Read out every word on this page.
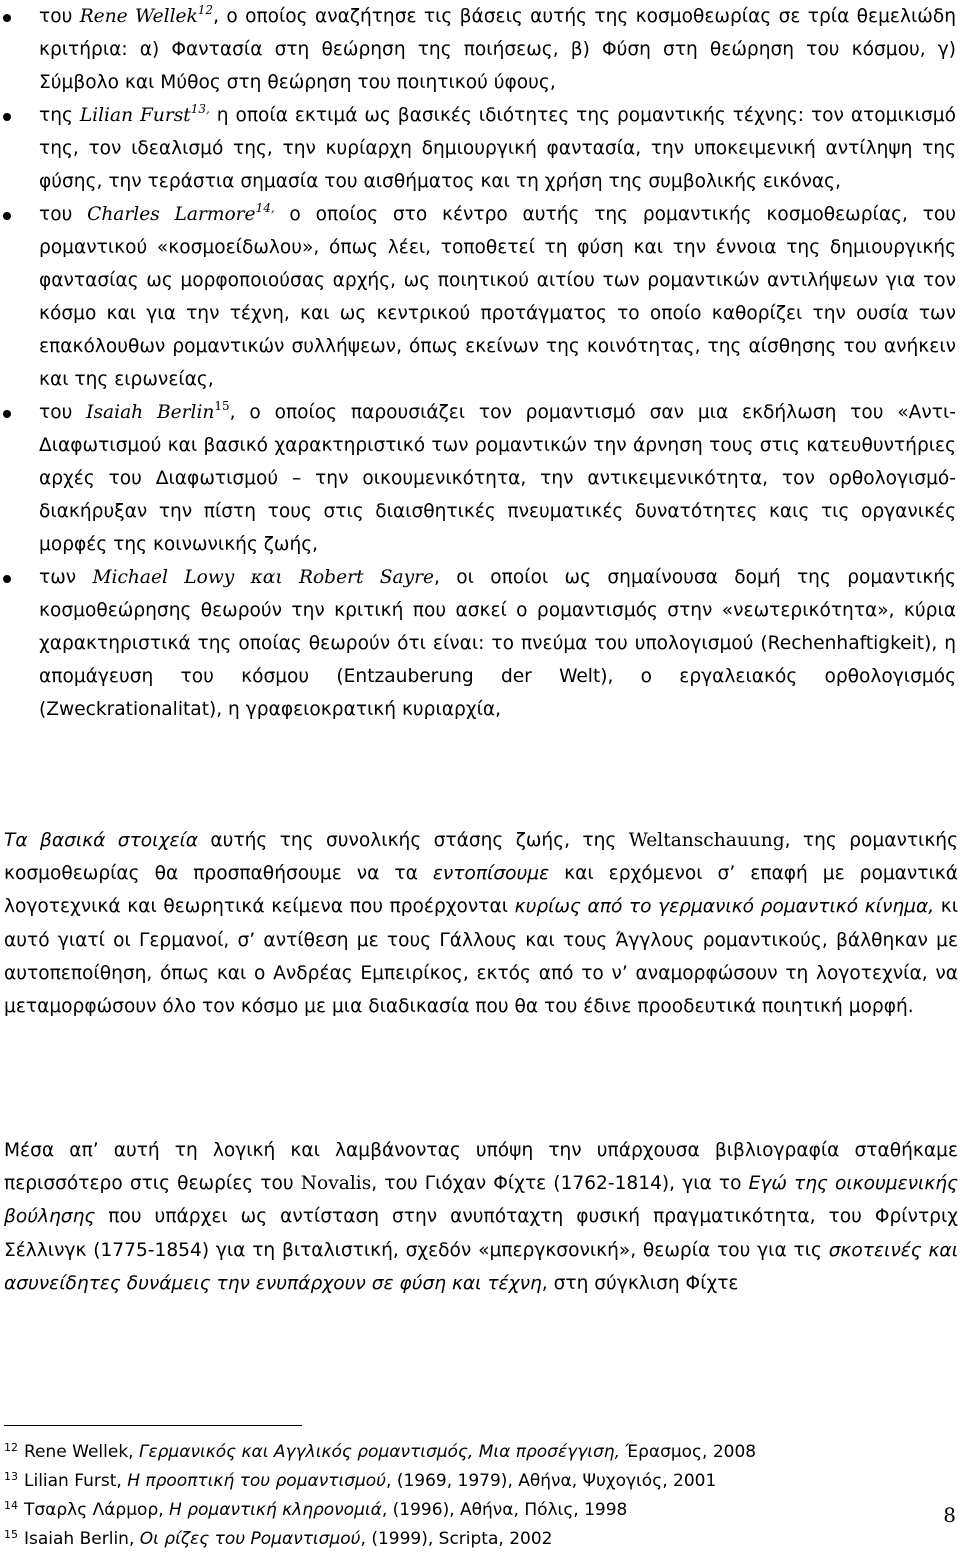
του Rene Wellek$^{12}$, ο οποίος αναζήτησε τις βάσεις αυτής της κοσμοθεωρίας σε τρία θεμελιώδη κριτήρια: α) Φαντασία στη θεώρηση της ποιήσεως, β) Φύση στη θεώρηση του κόσμου, γ) Σύμβολο και Μύθος στη θεώρηση του ποιητικού ύφους,
της Lilian Furst$^{13,}$ η οποία εκτιμά ως βασικές ιδιότητες της ρομαντικής τέχνης: τον ατομικισμό της, τον ιδεαλισμό της, την κυρίαρχη δημιουργική φαντασία, την υποκειμενική αντίληψη της φύσης, την τεράστια σημασία του αισθήματος και τη χρήση της συμβολικής εικόνας,
του Charles Larmore$^{14,}$ ο οποίος στο κέντρο αυτής της ρομαντικής κοσμοθεωρίας, του ρομαντικού «κοσμοείδωλου», όπως λέει, τοποθετεί τη φύση και την έννοια της δημιουργικής φαντασίας ως μορφοποιούσας αρχής, ως ποιητικού αιτίου των ρομαντικών αντιλήψεων για τον κόσμο και για την τέχνη, και ως κεντρικού προτάγματος το οποίο καθορίζει την ουσία των επακόλουθων ρομαντικών συλλήψεων, όπως εκείνων της κοινότητας, της αίσθησης του ανήκειν και της ειρωνείας,
του Isaiah Berlin$^{15}$, ο οποίος παρουσιάζει τον ρομαντισμό σαν μια εκδήλωση του «Αντι-Διαφωτισμού και βασικό χαρακτηριστικό των ρομαντικών την άρνηση τους στις κατευθυντήριες αρχές του Διαφωτισμού – την οικουμενικότητα, την αντικειμενικότητα, τον ορθολογισμό- διακήρυξαν την πίστη τους στις διαισθητικές πνευματικές δυνατότητες καις τις οργανικές μορφές της κοινωνικής ζωής,
των Michael Lowy και Robert Sayre, οι οποίοι ως σημαίνουσα δομή της ρομαντικής κοσμοθεώρησης θεωρούν την κριτική που ασκεί ο ρομαντισμός στην «νεωτερικότητα», κύρια χαρακτηριστικά της οποίας θεωρούν ότι είναι: το πνεύμα του υπολογισμού (Rechenhaftigkeit), η απομάγευση του κόσμου (Entzauberung der Welt), ο εργαλειακός ορθολογισμός (Zweckrationalitat), η γραφειοκρατική κυριαρχία,

Τα βασικά στοιχεία αυτής της συνολικής στάσης ζωής, της Weltanschauung, της ρομαντικής κοσμοθεωρίας θα προσπαθήσουμε να τα εντοπίσουμε και ερχόμενοι σ’ επαφή με ρομαντικά λογοτεχνικά και θεωρητικά κείμενα που προέρχονται κυρίως από το γερμανικό ρομαντικό κίνημα, κι αυτό γιατί οι Γερμανοί, σ’ αντίθεση με τους Γάλλους και τους Άγγλους ρομαντικούς, βάλθηκαν με αυτοπεποίθηση, όπως και ο Ανδρέας Εμπειρίκος, εκτός από το ν’ αναμορφώσουν τη λογοτεχνία, να μεταμορφώσουν όλο τον κόσμο με μια διαδικασία που θα του έδινε προοδευτικά ποιητική μορφή.

Μέσα απ’ αυτή τη λογική και λαμβάνοντας υπόψη την υπάρχουσα βιβλιογραφία σταθήκαμε περισσότερο στις θεωρίες του Novalis, του Γιόχαν Φίχτε (1762-1814), για το Εγώ της οικουμενικής βούλησης που υπάρχει ως αντίσταση στην ανυπόταχτη φυσική πραγματικότητα, του Φρίντριχ Σέλλινγκ (1775-1854) για τη βιταλιστική, σχεδόν «μπεργκσονική», θεωρία του για τις σκοτεινές και ασυνείδητες δυνάμεις την ενυπάρχουν σε φύση και τέχνη, στη σύγκλιση Φίχτε

12 Rene Wellek, Γερμανικός και Αγγλικός ρομαντισμός, Μια προσέγγιση, Έρασμος, 2008
13 Lilian Furst, Η προοπτική του ρομαντισμού, (1969, 1979), Αθήνα, Ψυχογιός, 2001
14 Τσαρλς Λάρμορ, Η ρομαντική κληρονομιά, (1996), Αθήνα, Πόλις, 1998
15 Isaiah Berlin, Οι ρίζες του Ρομαντισμού, (1999), Scripta, 2002
8
